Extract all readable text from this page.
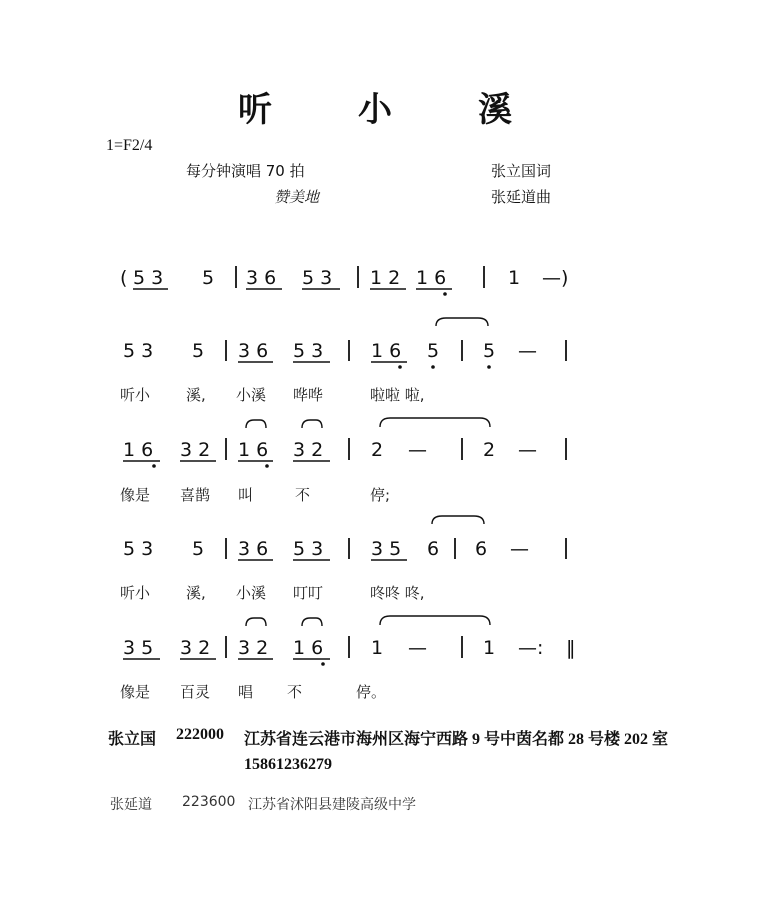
听　小　溪
1=F2/4
每分钟演唱 70 拍
赞美地
张立国词
张延道曲
( 5 3 5 3 6 5 3 1 2 1 6	1 —)
5 3 5 3 6 5 3	1 6 5 5 —
听小 溪, 小溪 哗哗	啦啦 啦,
1 6 3 2 1 6 3 2	2 —	2 —
像是 喜鹊 叫	不	停;
5 3 5 3 6 5 3	3 5 6 6 —
听小 溪, 小溪 叮叮	咚咚 咚,
3 5 3 2 3 2 1 6	1 —	1 —: ‖
像是 百灵 唱 不	停。
张立国 222000 江苏省连云港市海州区海宁西路 9 号中茵名都 28 号楼 202 室
15861236279
张延道 223600 江苏省沭阳县建陵高级中学
